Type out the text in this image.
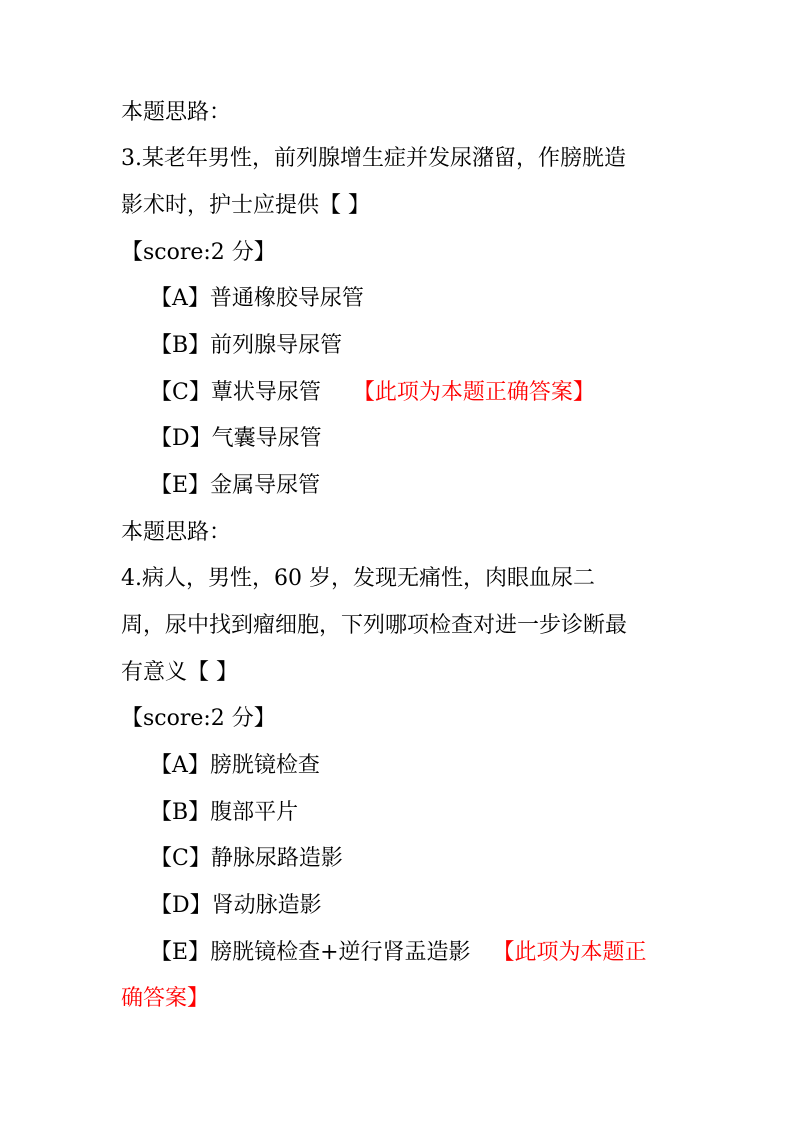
本题思路：
3.某老年男性，前列腺增生症并发尿潴留，作膀胱造
影术时，护士应提供【 】
【score:2 分】
【A】普通橡胶导尿管
【B】前列腺导尿管
【C】蕈状导尿管 【此项为本题正确答案】
【D】气囊导尿管
【E】金属导尿管
本题思路：
4.病人，男性，60 岁，发现无痛性，肉眼血尿二
周，尿中找到瘤细胞，下列哪项检查对进一步诊断最
有意义【 】
【score:2 分】
【A】膀胱镜检查
【B】腹部平片
【C】静脉尿路造影
【D】肾动脉造影
【E】膀胱镜检查+逆行肾盂造影 【此项为本题正
确答案】
